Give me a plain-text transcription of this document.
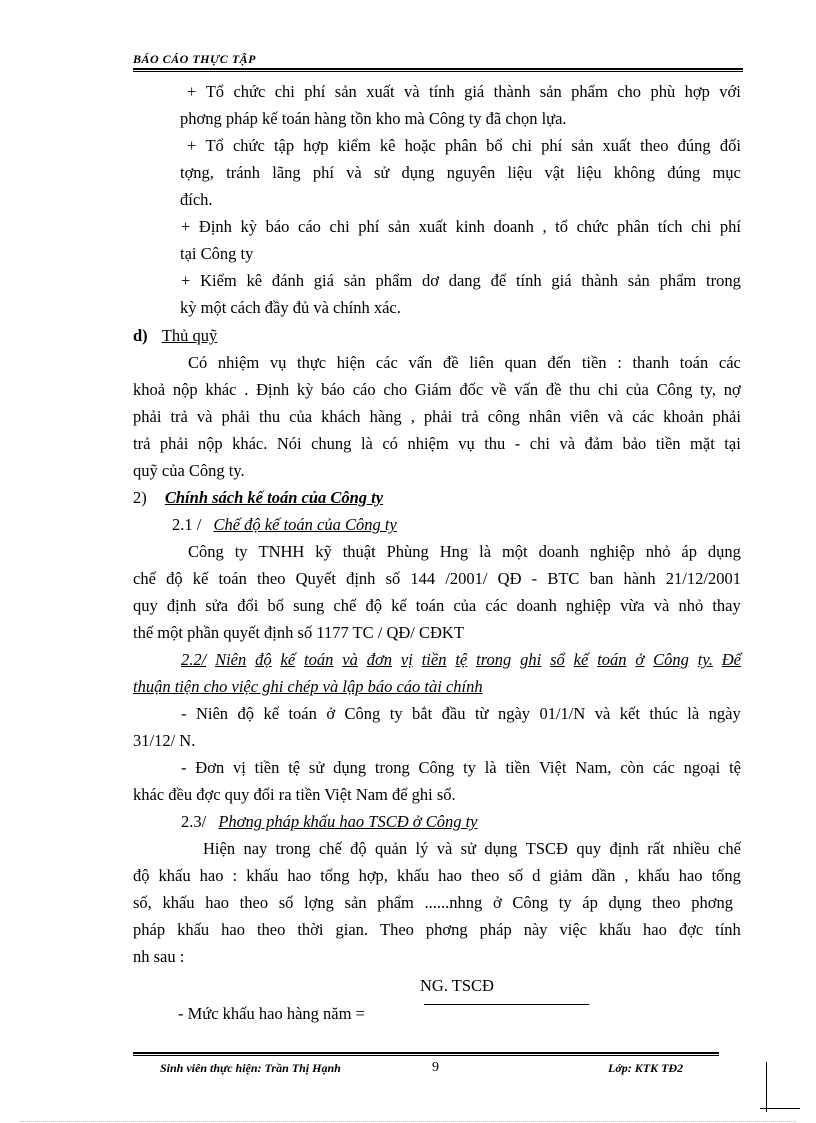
BÁO CÁO THỰC TẬP
+ Tổ chức chi phí sản xuất và tính giá thành sản phẩm cho phù hợp với
phơng pháp kế toán hàng tồn kho mà Công ty đã chọn lựa.
+ Tổ chức tập hợp kiểm kê hoặc phân bổ chi phí sản xuất theo đúng đối
tợng, tránh lãng phí và sử dụng nguyên liệu vật liệu không đúng mục
đích.
+ Định kỳ báo cáo chi phí sản xuất kinh doanh , tổ chức phân tích chi phí
tại Công ty
+ Kiểm kê đánh giá sản phẩm dơ dang để tính giá thành sản phẩm trong
kỳ một cách đầy đủ và chính xác.
d) Thủ quỹ
Có nhiệm vụ thực hiện các vấn đề liên quan đến tiền : thanh toán các
khoả nộp khác . Định kỳ báo cáo cho Giám đốc về vấn đề thu chi của Công ty, nợ
phải trả và phải thu của khách hàng , phải trả công nhân viên và các khoản phải
trả phải nộp khác. Nói chung là có nhiệm vụ thu - chi và đảm bảo tiền mặt tại
quỹ của Công ty.
2) Chính sách kế toán của Công ty
2.1 / Chế độ kế toán của Công ty
Công ty TNHH kỹ thuật Phùng Hng là một doanh nghiệp nhỏ áp dụng
chế độ kế toán theo Quyết định số 144 /2001/ QĐ - BTC ban hành 21/12/2001
quy định sửa đổi bổ sung chế độ kế toán của các doanh nghiệp vừa và nhỏ thay
thế một phần quyết định số 1177 TC / QĐ/ CĐKT
2.2/ Niên độ kế toán và đơn vị tiền tệ trong ghi sổ kế toán ở Công ty. Để
thuận tiện cho việc ghi chép và lập báo cáo tài chính
- Niên độ kế toán ở Công ty bắt đầu từ ngày 01/1/N và kết thúc là ngày
31/12/ N.
- Đơn vị tiền tệ sử dụng trong Công ty là tiền Việt Nam, còn các ngoại tệ
khác đều đợc quy đổi ra tiền Việt Nam để ghi sổ.
2.3/ Phơng pháp khấu hao TSCĐ ở Công ty
Hiện nay trong chế độ quản lý và sử dụng TSCĐ quy định rất nhiều chế
độ khấu hao : khấu hao tổng hợp, khấu hao theo số d giảm dần , khấu hao tổng
số, khấu hao theo số lợng sản phẩm ......nhng ở Công ty áp dụng theo phơng
pháp khấu hao theo thời gian. Theo phơng pháp này việc khấu hao đợc tính
nh sau :
NG. TSCĐ
- Mức khấu hao hàng năm =
Sinh viên thực hiện: Trần Thị Hạnh	9	Lớp: KTK TĐ2
